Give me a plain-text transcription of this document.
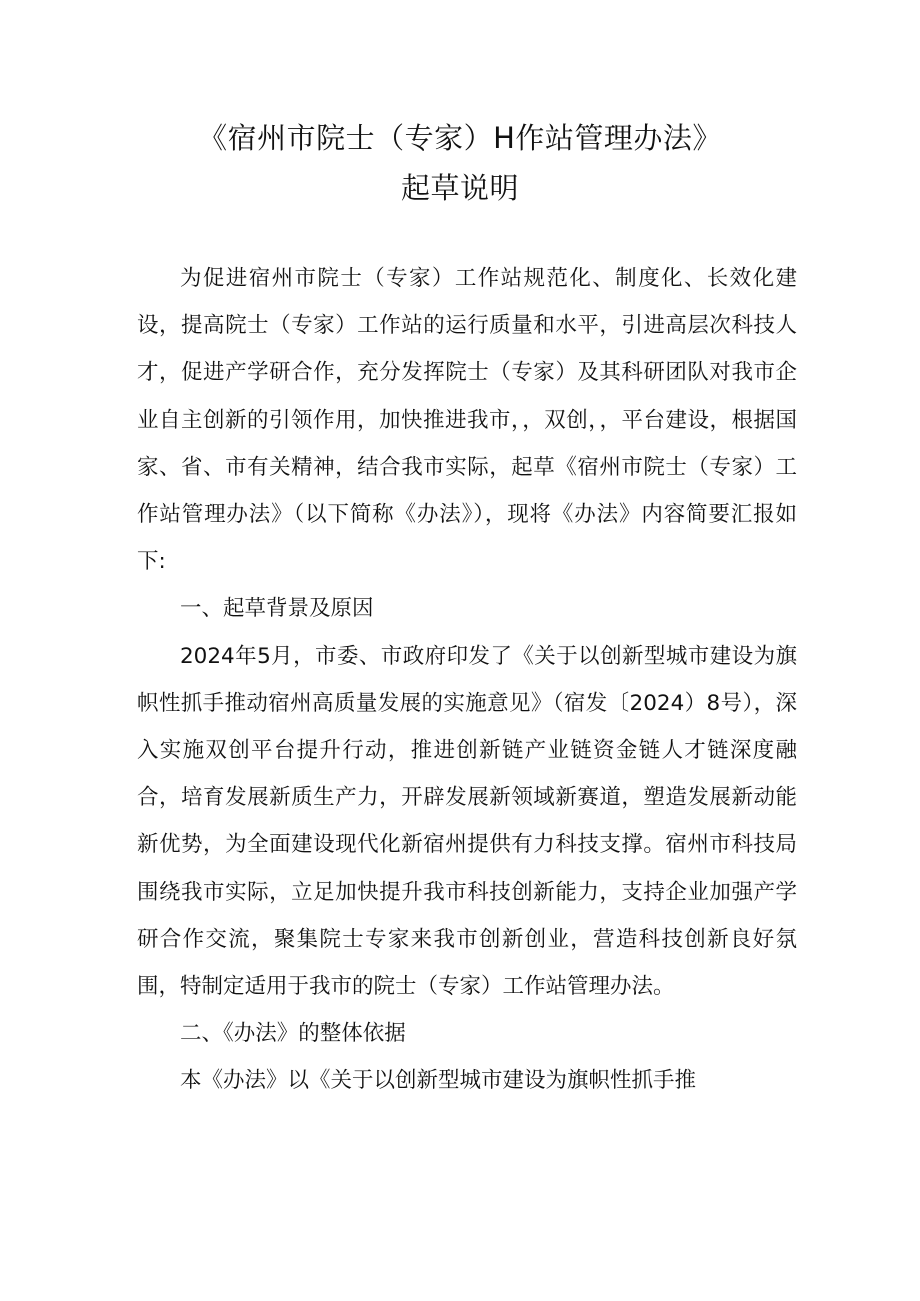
《宿州市院士（专家）H作站管理办法》
起草说明

为促进宿州市院士（专家）工作站规范化、制度化、长效化建设，提高院士（专家）工作站的运行质量和水平，引进高层次科技人才，促进产学研合作，充分发挥院士（专家）及其科研团队对我市企业自主创新的引领作用，加快推进我市，，双创，，平台建设，根据国家、省、市有关精神，结合我市实际，起草《宿州市院士（专家）工作站管理办法》（以下简称《办法》），现将《办法》内容简要汇报如下:

一、起草背景及原因

2024年5月，市委、市政府印发了《关于以创新型城市建设为旗帜性抓手推动宿州高质量发展的实施意见》（宿发〔2024）8号），深入实施双创平台提升行动，推进创新链产业链资金链人才链深度融合，培育发展新质生产力，开辟发展新领域新赛道，塑造发展新动能新优势，为全面建设现代化新宿州提供有力科技支撑。宿州市科技局围绕我市实际，立足加快提升我市科技创新能力，支持企业加强产学研合作交流，聚集院士专家来我市创新创业，营造科技创新良好氛围，特制定适用于我市的院士（专家）工作站管理办法。

二、《办法》的整体依据

本《办法》以《关于以创新型城市建设为旗帜性抓手推
